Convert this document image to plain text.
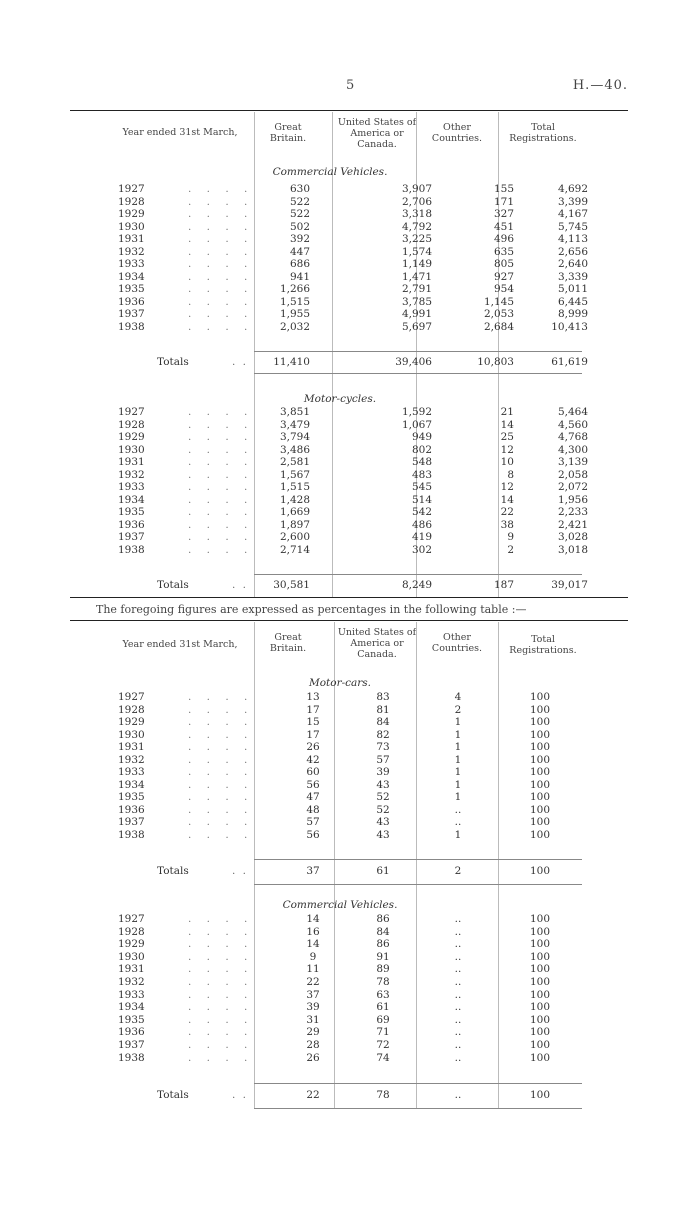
5	H.—40.
Year ended 31st March,	Great
Britain.
United States of
America or
Canada.
Other
Countries.
Total
Registrations.
Commercial Vehicles.
1927	630	3,907	155	4,692
. . . .
1928	522	2,706	171	3,399
. . . .
1929	522	3,318	327	4,167
. . . .
1930	502	4,792	451	5,745
. . . .
1931	392	3,225	496	4,113
. . . .
1932	447	1,574	635	2,656
. . . .
1933	686	1,149	805	2,640
. . . .
1934	941	1,471	927	3,339
. . . .
1935	1,266	2,791	954	5,011
. . . .
1936	1,515	3,785	1,145	6,445
. . . .
1937	1,955	4,991	2,053	8,999
. . . .
1938	2,032	5,697	2,684	10,413
. . . .
Totals	11,410	39,406	10,803	61,619
. .
Motor-cycles.
1927	3,851	1,592	21	5,464
. . . .
1928	3,479	1,067	14	4,560
. . . .
1929	3,794	949	25	4,768
. . . .
1930	3,486	802	12	4,300
. . . .
1931	2,581	548	10	3,139
. . . .
1932	1,567	483	8	2,058
. . . .
1933	1,515	545	12	2,072
. . . .
1934	1,428	514	14	1,956
. . . .
1935	1,669	542	22	2,233
. . . .
1936	1,897	486	38	2,421
. . . .
1937	2,600	419	9	3,028
. . . .
1938	2,714	302	2	3,018
. . . .
Totals	30,581	8,249	187	39,017
. .
The foregoing figures are expressed as percentages in the following table :—
Year ended 31st March,
Great
Britain.
United States of
America or
Canada.
Other
Countries.
Total
Registrations.
Motor-cars.
1927	13	83	4	100
. . . .
1928	17	81	2	100
. . . .
1929	15	84	1	100
. . . .
1930	17	82	1	100
. . . .
1931	26	73	1	100
. . . .
1932	42	57	1	100
. . . .
1933	60	39	1	100
. . . .
1934	56	43	1	100
. . . .
1935	47	52	1	100
. . . .
1936	48	52	..	100
. . . .
1937	57	43	..	100
. . . .
1938	56	43	1	100
. . . .
Totals	37	61	2	100
. .
Commercial Vehicles.
1927	14	86	..	100
. . . .
1928	16	84	..	100
. . . .
1929	14	86	..	100
. . . .
1930	9	91	..	100
. . . .
1931	11	89	..	100
. . . .
1932	22	78	..	100
. . . .
1933	37	63	..	100
. . . .
1934	39	61	..	100
. . . .
1935	31	69	..	100
. . . .
1936	29	71	..	100
. . . .
1937	28	72	..	100
. . . .
1938	26	74	..	100
. . . .
Totals	22	78	..	100
. .
